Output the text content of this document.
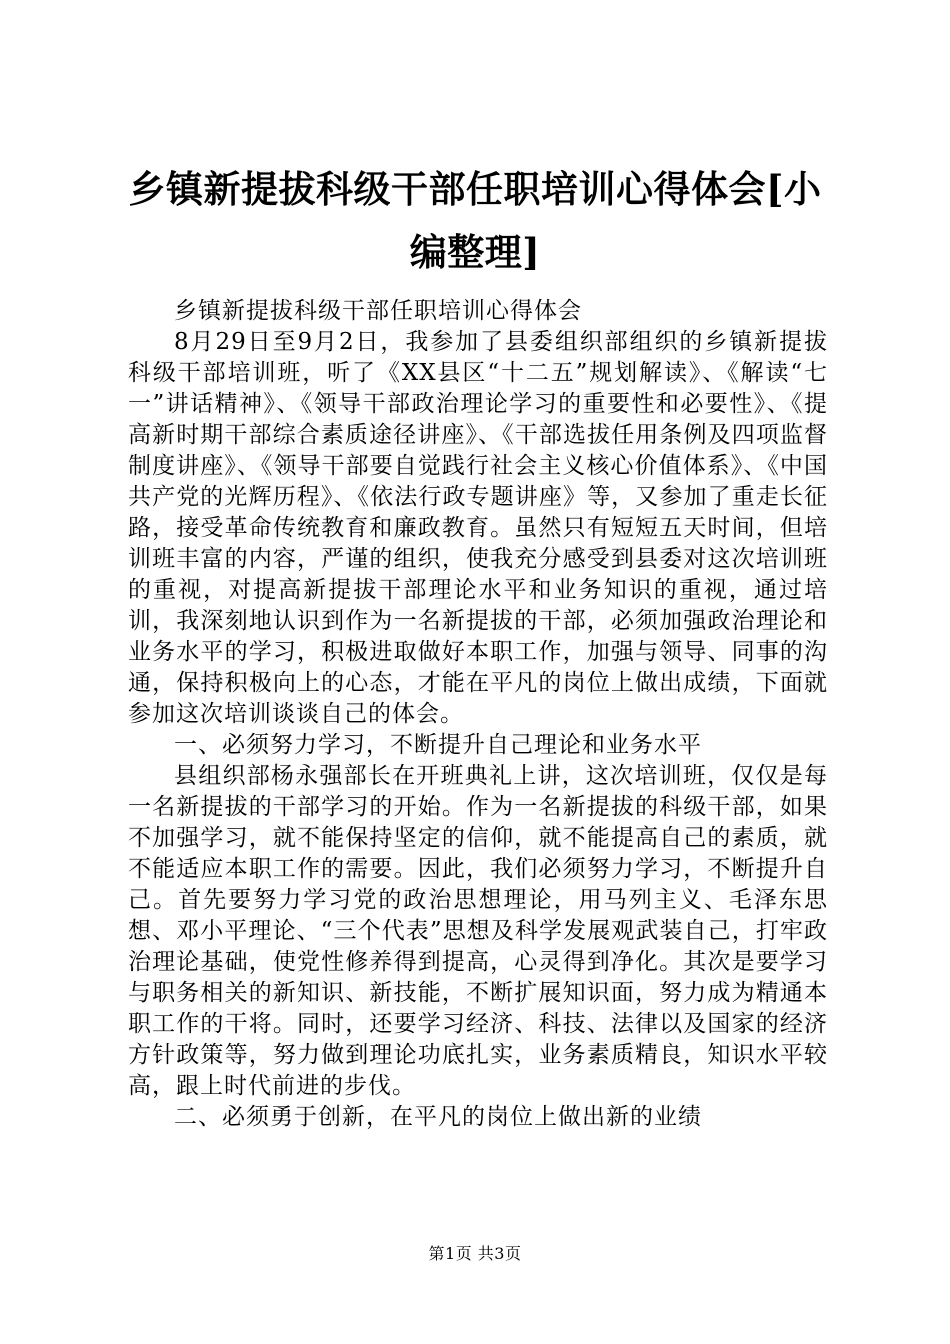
乡镇新提拔科级干部任职培训心得体会[小编整理]

乡镇新提拔科级干部任职培训心得体会

8月29日至9月2日，我参加了县委组织部组织的乡镇新提拔科级干部培训班，听了《XX县区“十二五”规划解读》、《解读“七一”讲话精神》、《领导干部政治理论学习的重要性和必要性》、《提高新时期干部综合素质途径讲座》、《干部选拔任用条例及四项监督制度讲座》、《领导干部要自觉践行社会主义核心价值体系》、《中国共产党的光辉历程》、《依法行政专题讲座》等，又参加了重走长征路，接受革命传统教育和廉政教育。虽然只有短短五天时间，但培训班丰富的内容，严谨的组织，使我充分感受到县委对这次培训班的重视，对提高新提拔干部理论水平和业务知识的重视，通过培训，我深刻地认识到作为一名新提拔的干部，必须加强政治理论和业务水平的学习，积极进取做好本职工作，加强与领导、同事的沟通，保持积极向上的心态，才能在平凡的岗位上做出成绩，下面就参加这次培训谈谈自己的体会。

一、必须努力学习，不断提升自己理论和业务水平

县组织部杨永强部长在开班典礼上讲，这次培训班，仅仅是每一名新提拔的干部学习的开始。作为一名新提拔的科级干部，如果不加强学习，就不能保持坚定的信仰，就不能提高自己的素质，就不能适应本职工作的需要。因此，我们必须努力学习，不断提升自己。首先要努力学习党的政治思想理论，用马列主义、毛泽东思想、邓小平理论、“三个代表”思想及科学发展观武装自己，打牢政治理论基础，使党性修养得到提高，心灵得到净化。其次是要学习与职务相关的新知识、新技能，不断扩展知识面，努力成为精通本职工作的干将。同时，还要学习经济、科技、法律以及国家的经济方针政策等，努力做到理论功底扎实，业务素质精良，知识水平较高，跟上时代前进的步伐。

二、必须勇于创新，在平凡的岗位上做出新的业绩

第1页 共3页
